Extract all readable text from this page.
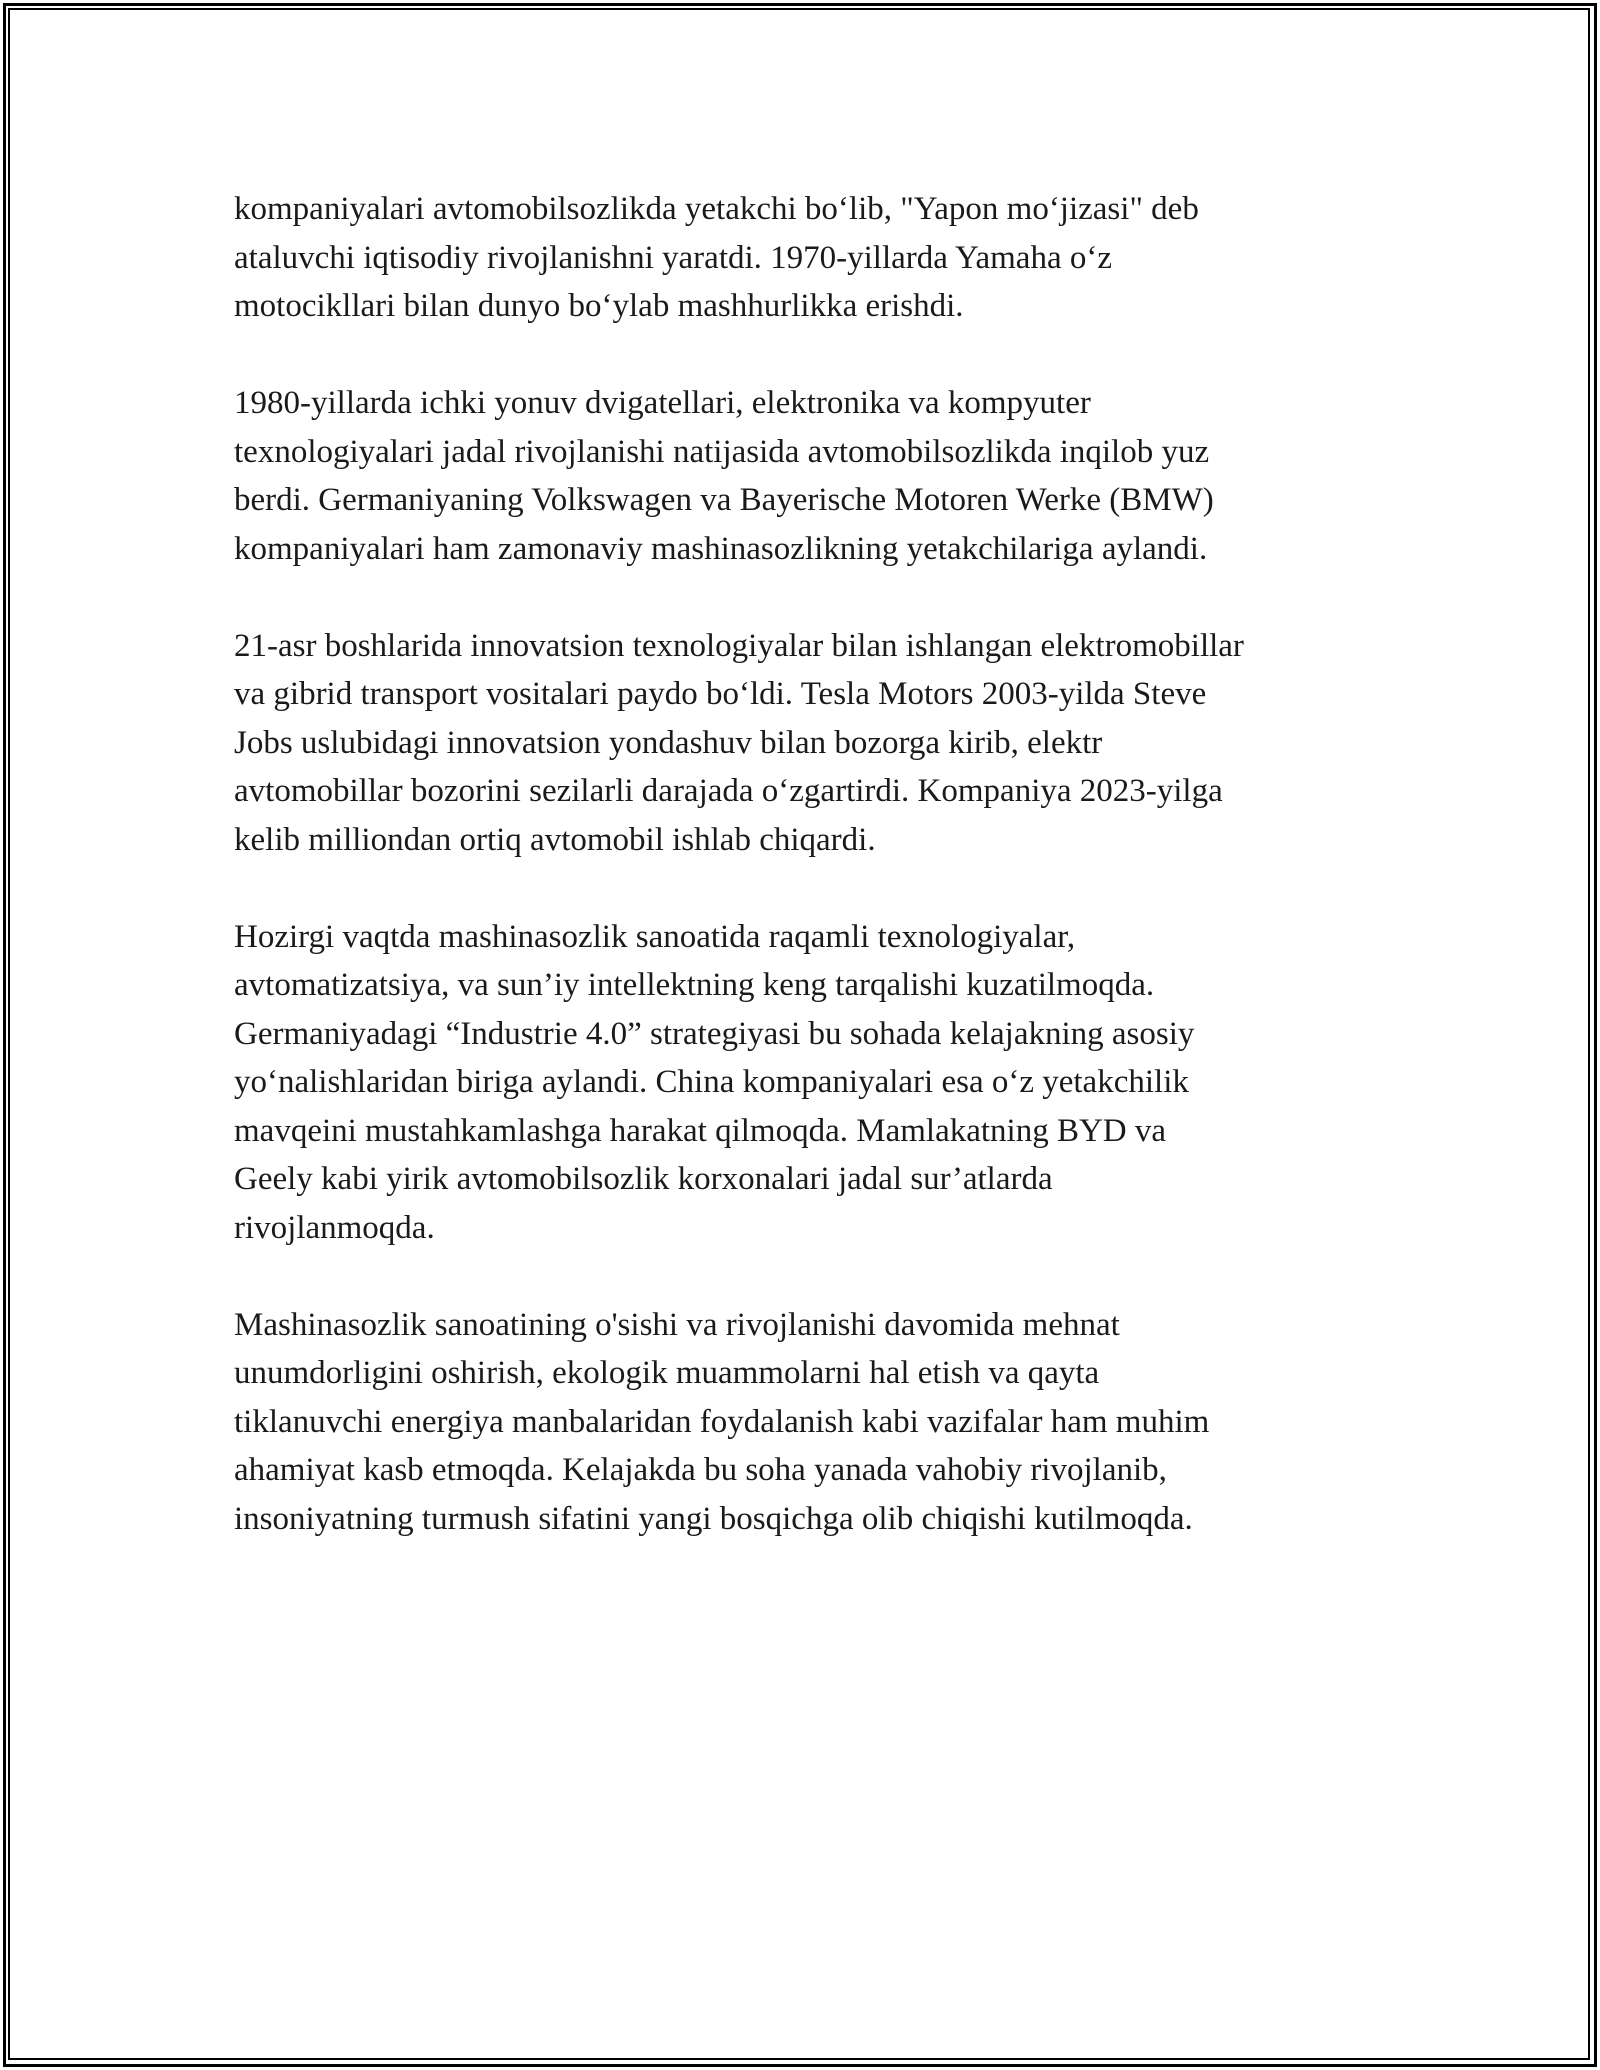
kompaniyalari avtomobilsozlikda yetakchi boʻlib, "Yapon moʻjizasi" deb
ataluvchi iqtisodiy rivojlanishni yaratdi. 1970-yillarda Yamaha oʻz
motocikllari bilan dunyo boʻylab mashhurlikka erishdi.

1980-yillarda ichki yonuv dvigatellari, elektronika va kompyuter
texnologiyalari jadal rivojlanishi natijasida avtomobilsozlikda inqilob yuz
berdi. Germaniyaning Volkswagen va Bayerische Motoren Werke (BMW)
kompaniyalari ham zamonaviy mashinasozlikning yetakchilariga aylandi.

21-asr boshlarida innovatsion texnologiyalar bilan ishlangan elektromobillar
va gibrid transport vositalari paydo boʻldi. Tesla Motors 2003-yilda Steve
Jobs uslubidagi innovatsion yondashuv bilan bozorga kirib, elektr
avtomobillar bozorini sezilarli darajada oʻzgartirdi. Kompaniya 2023-yilga
kelib milliondan ortiq avtomobil ishlab chiqardi.

Hozirgi vaqtda mashinasozlik sanoatida raqamli texnologiyalar,
avtomatizatsiya, va sun’iy intellektning keng tarqalishi kuzatilmoqda.
Germaniyadagi “Industrie 4.0” strategiyasi bu sohada kelajakning asosiy
yoʻnalishlaridan biriga aylandi. China kompaniyalari esa oʻz yetakchilik
mavqeini mustahkamlashga harakat qilmoqda. Mamlakatning BYD va
Geely kabi yirik avtomobilsozlik korxonalari jadal sur’atlarda
rivojlanmoqda.

Mashinasozlik sanoatining o'sishi va rivojlanishi davomida mehnat
unumdorligini oshirish, ekologik muammolarni hal etish va qayta
tiklanuvchi energiya manbalaridan foydalanish kabi vazifalar ham muhim
ahamiyat kasb etmoqda. Kelajakda bu soha yanada vahobiy rivojlanib,
insoniyatning turmush sifatini yangi bosqichga olib chiqishi kutilmoqda.
